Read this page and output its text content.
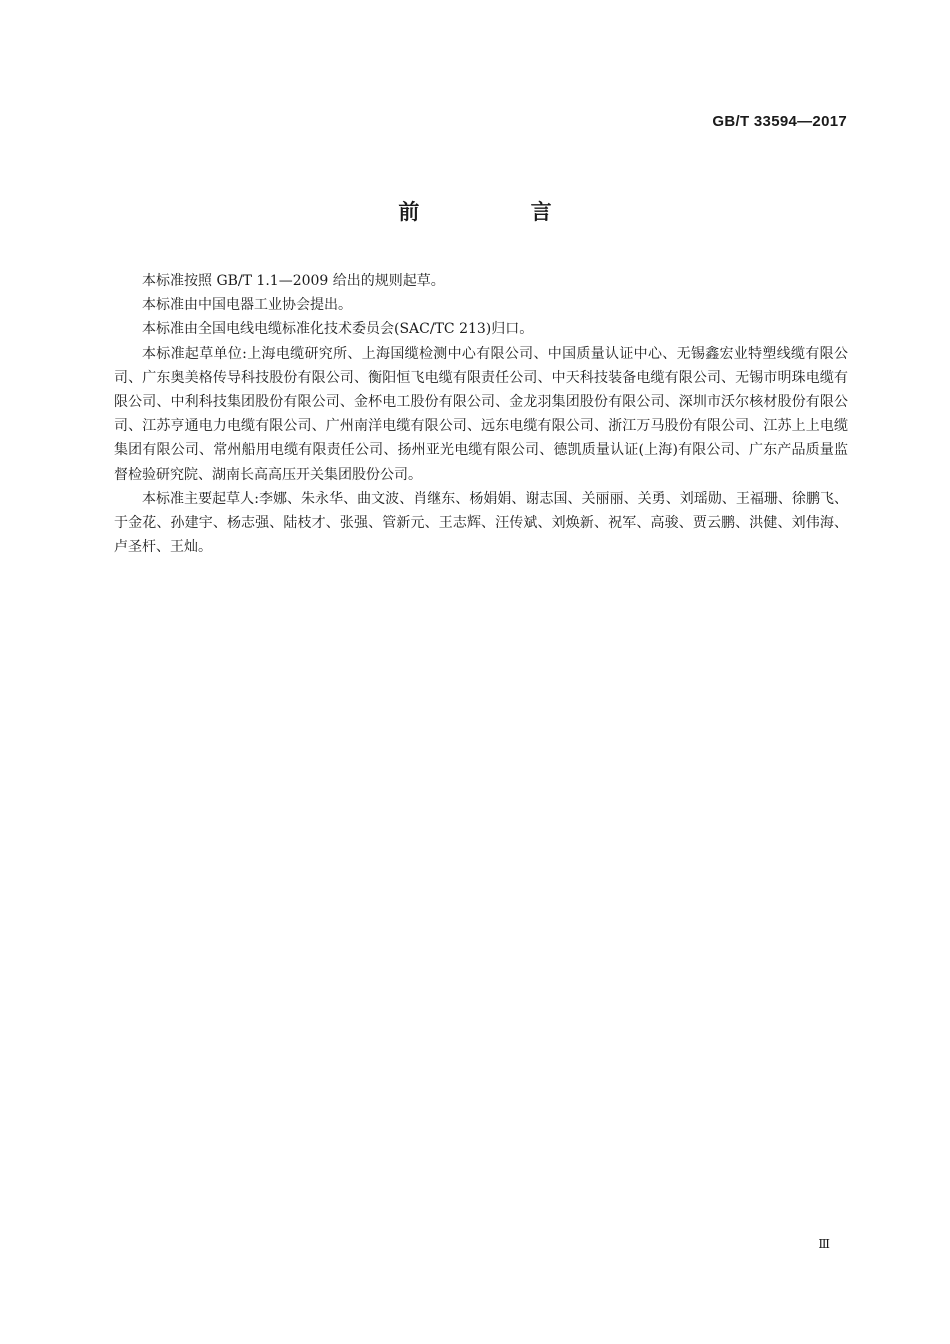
GB/T 33594—2017
前 言

本标准按照 GB/T 1.1—2009 给出的规则起草。

本标准由中国电器工业协会提出。

本标准由全国电线电缆标准化技术委员会(SAC/TC 213)归口。

本标准起草单位:上海电缆研究所、上海国缆检测中心有限公司、中国质量认证中心、无锡鑫宏业特塑线缆有限公司、广东奥美格传导科技股份有限公司、衡阳恒飞电缆有限责任公司、中天科技装备电缆有限公司、无锡市明珠电缆有限公司、中利科技集团股份有限公司、金杯电工股份有限公司、金龙羽集团股份有限公司、深圳市沃尔核材股份有限公司、江苏亨通电力电缆有限公司、广州南洋电缆有限公司、远东电缆有限公司、浙江万马股份有限公司、江苏上上电缆集团有限公司、常州船用电缆有限责任公司、扬州亚光电缆有限公司、德凯质量认证(上海)有限公司、广东产品质量监督检验研究院、湖南长高高压开关集团股份公司。

本标准主要起草人:李娜、朱永华、曲文波、肖继东、杨娟娟、谢志国、关丽丽、关勇、刘瑶勋、王福珊、徐鹏飞、于金花、孙建宇、杨志强、陆枝才、张强、管新元、王志辉、汪传斌、刘焕新、祝军、高骏、贾云鹏、洪健、刘伟海、卢圣杆、王灿。

Ⅲ
